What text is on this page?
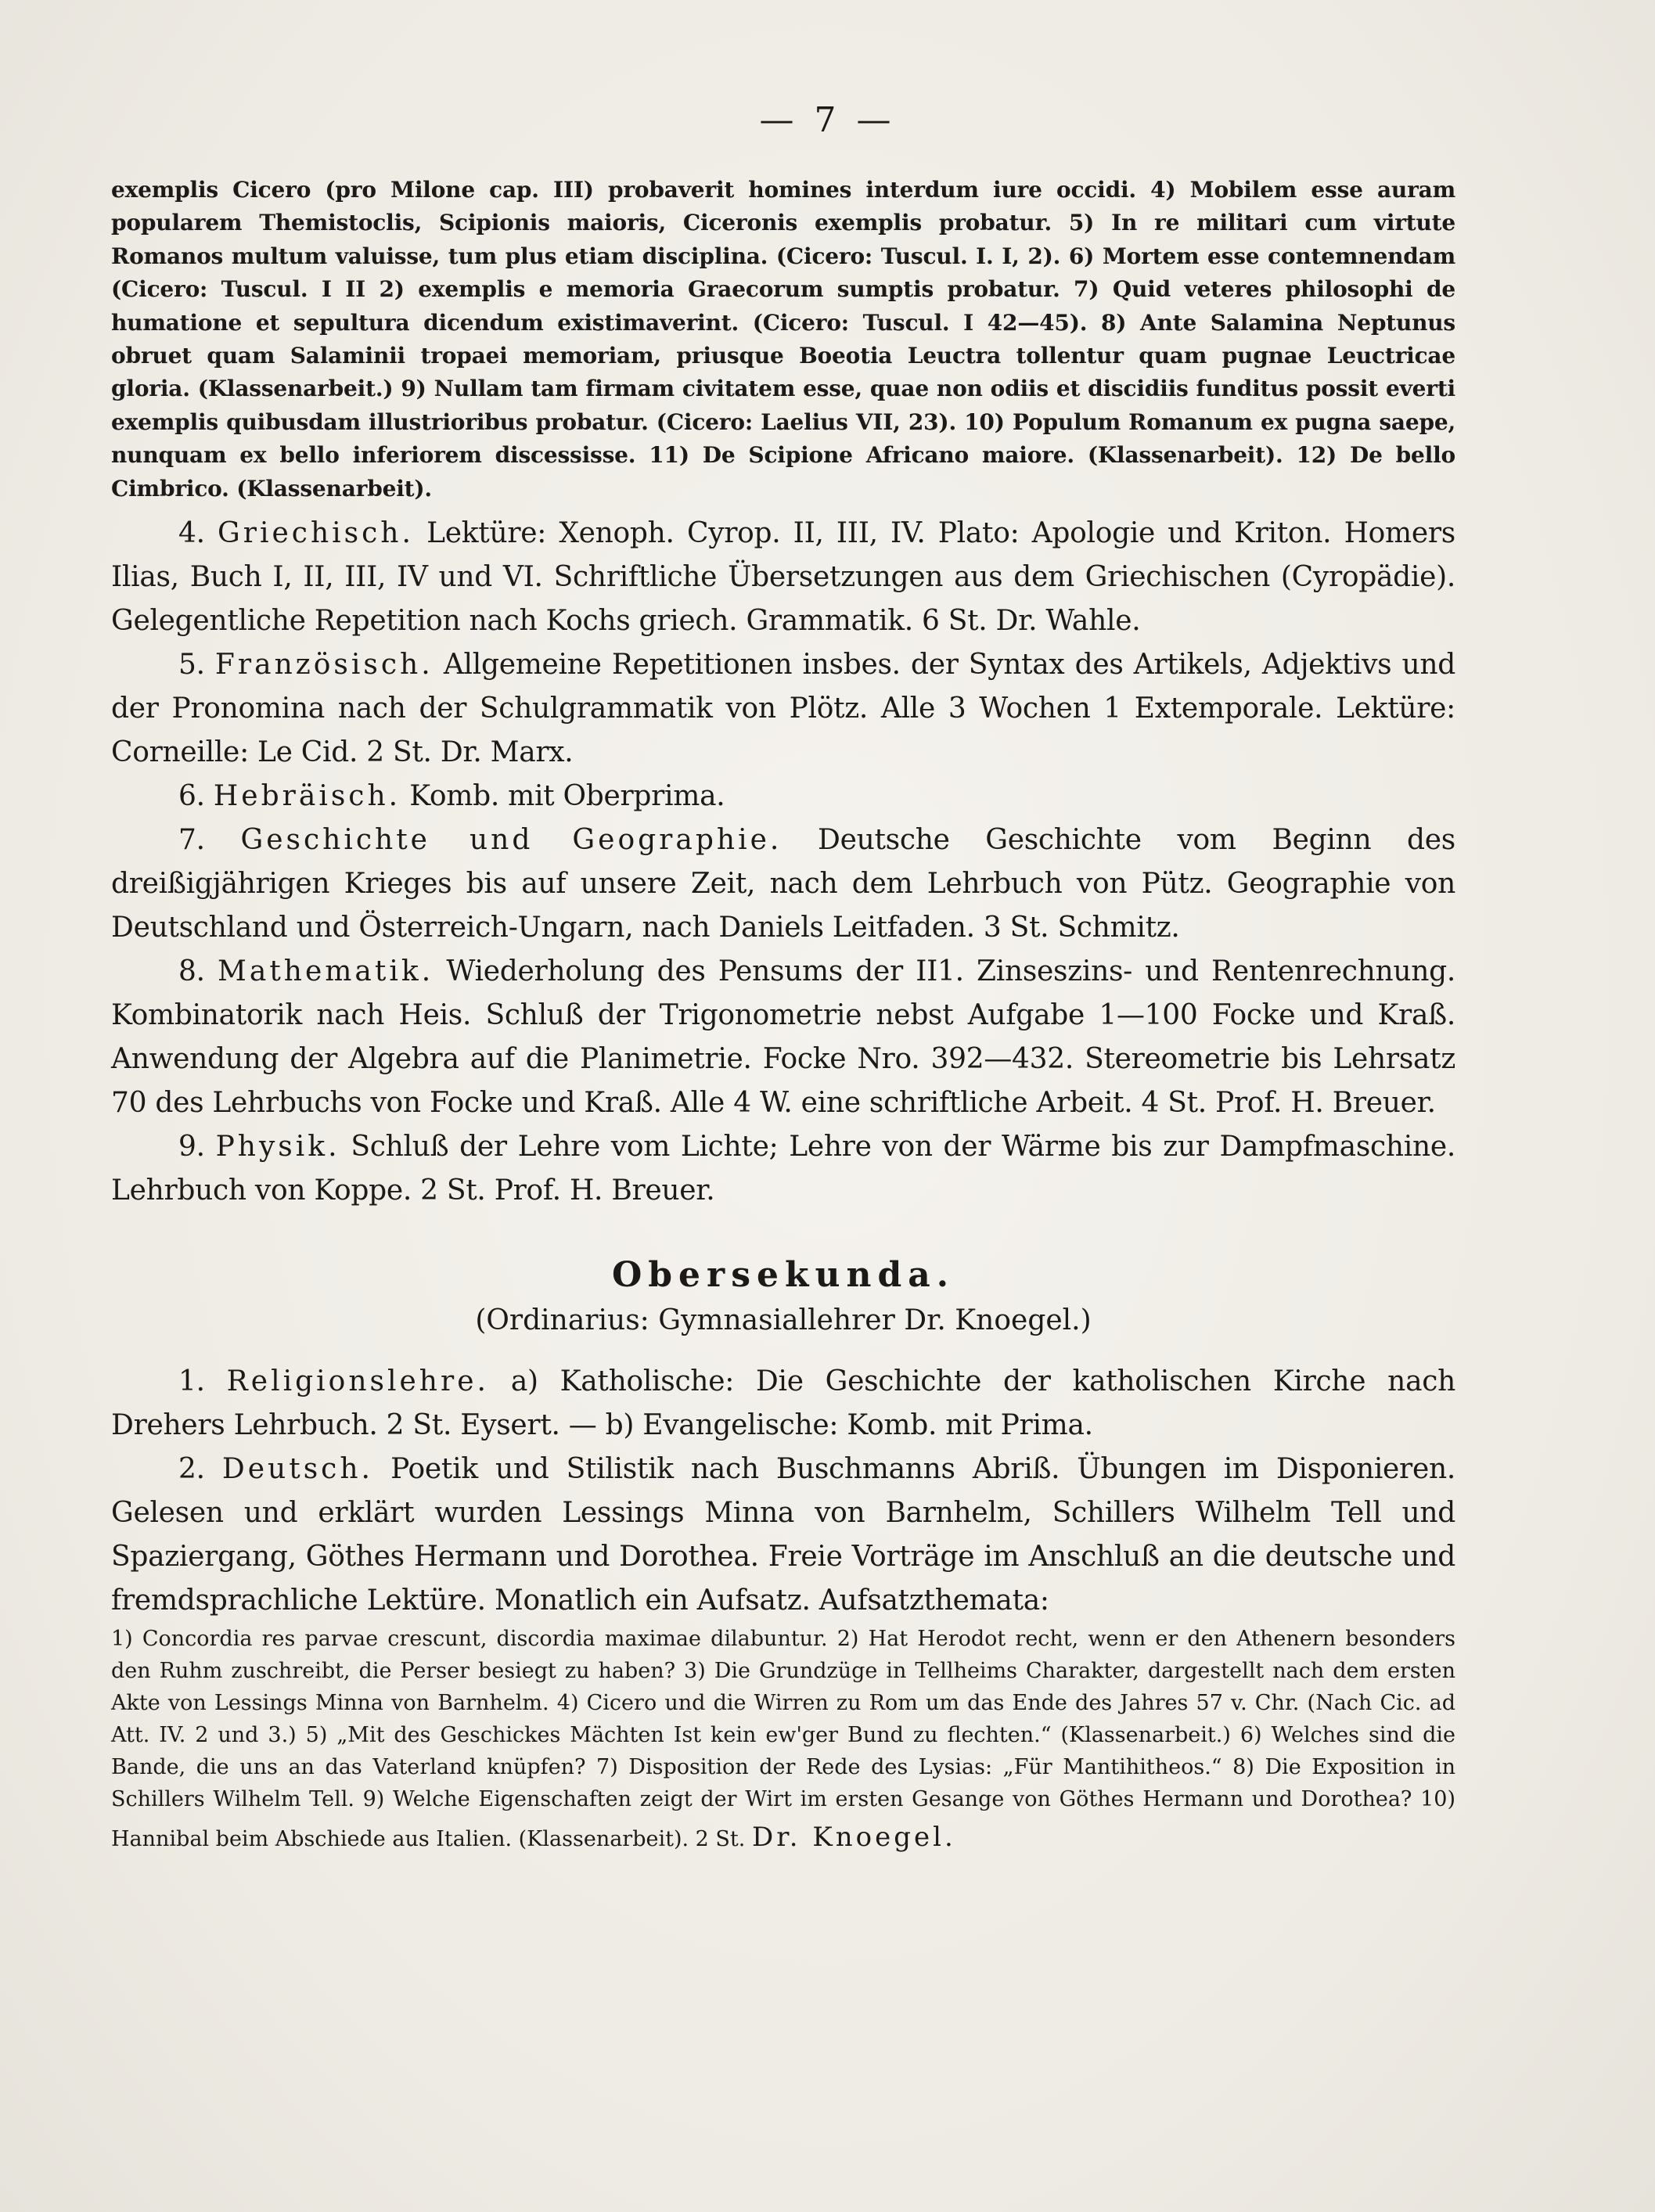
— 7 —

exemplis Cicero (pro Milone cap. III) probaverit homines interdum iure occidi. 4) Mobilem esse auram popularem Themistoclis, Scipionis maioris, Ciceronis exemplis probatur. 5) In re militari cum virtute Romanos multum valuisse, tum plus etiam disciplina. (Cicero: Tuscul. I. I, 2). 6) Mortem esse contemnendam (Cicero: Tuscul. I II 2) exemplis e memoria Graecorum sumptis probatur. 7) Quid veteres philosophi de humatione et sepultura dicendum existimaverint. (Cicero: Tuscul. I 42—45). 8) Ante Salamina Neptunus obruet quam Salaminii tropaei memoriam, priusque Boeotia Leuctra tollentur quam pugnae Leuctricae gloria. (Klassenarbeit.) 9) Nullam tam firmam civitatem esse, quae non odiis et discidiis funditus possit everti exemplis quibusdam illustrioribus probatur. (Cicero: Laelius VII, 23). 10) Populum Romanum ex pugna saepe, nunquam ex bello inferiorem discessisse. 11) De Scipione Africano maiore. (Klassenarbeit). 12) De bello Cimbrico. (Klassenarbeit).

4. Griechisch. Lektüre: Xenoph. Cyrop. II, III, IV. Plato: Apologie und Kriton. Homers Ilias, Buch I, II, III, IV und VI. Schriftliche Übersetzungen aus dem Griechischen (Cyropädie). Gelegentliche Repetition nach Kochs griech. Grammatik. 6 St. Dr. Wahle.

5. Französisch. Allgemeine Repetitionen insbes. der Syntax des Artikels, Adjektivs und der Pronomina nach der Schulgrammatik von Plötz. Alle 3 Wochen 1 Extemporale. Lektüre: Corneille: Le Cid. 2 St. Dr. Marx.

6. Hebräisch. Komb. mit Oberprima.

7. Geschichte und Geographie. Deutsche Geschichte vom Beginn des dreißigjährigen Krieges bis auf unsere Zeit, nach dem Lehrbuch von Pütz. Geographie von Deutschland und Österreich-Ungarn, nach Daniels Leitfaden. 3 St. Schmitz.

8. Mathematik. Wiederholung des Pensums der II1. Zinseszins- und Rentenrechnung. Kombinatorik nach Heis. Schluß der Trigonometrie nebst Aufgabe 1—100 Focke und Kraß. Anwendung der Algebra auf die Planimetrie. Focke Nro. 392—432. Stereometrie bis Lehrsatz 70 des Lehrbuchs von Focke und Kraß. Alle 4 W. eine schriftliche Arbeit. 4 St. Prof. H. Breuer.

9. Physik. Schluß der Lehre vom Lichte; Lehre von der Wärme bis zur Dampfmaschine. Lehrbuch von Koppe. 2 St. Prof. H. Breuer.

Obersekunda.
(Ordinarius: Gymnasiallehrer Dr. Knoegel.)

1. Religionslehre. a) Katholische: Die Geschichte der katholischen Kirche nach Drehers Lehrbuch. 2 St. Eysert. — b) Evangelische: Komb. mit Prima.

2. Deutsch. Poetik und Stilistik nach Buschmanns Abriß. Übungen im Disponieren. Gelesen und erklärt wurden Lessings Minna von Barnhelm, Schillers Wilhelm Tell und Spaziergang, Göthes Hermann und Dorothea. Freie Vorträge im Anschluß an die deutsche und fremdsprachliche Lektüre. Monatlich ein Aufsatz. Aufsatzthemata:

1) Concordia res parvae crescunt, discordia maximae dilabuntur. 2) Hat Herodot recht, wenn er den Athenern besonders den Ruhm zuschreibt, die Perser besiegt zu haben? 3) Die Grundzüge in Tellheims Charakter, dargestellt nach dem ersten Akte von Lessings Minna von Barnhelm. 4) Cicero und die Wirren zu Rom um das Ende des Jahres 57 v. Chr. (Nach Cic. ad Att. IV. 2 und 3.) 5) „Mit des Geschickes Mächten Ist kein ew'ger Bund zu flechten.“ (Klassenarbeit.) 6) Welches sind die Bande, die uns an das Vaterland knüpfen? 7) Disposition der Rede des Lysias: „Für Mantihitheos.“ 8) Die Exposition in Schillers Wilhelm Tell. 9) Welche Eigenschaften zeigt der Wirt im ersten Gesange von Göthes Hermann und Dorothea? 10) Hannibal beim Abschiede aus Italien. (Klassenarbeit). 2 St. Dr. Knoegel.
